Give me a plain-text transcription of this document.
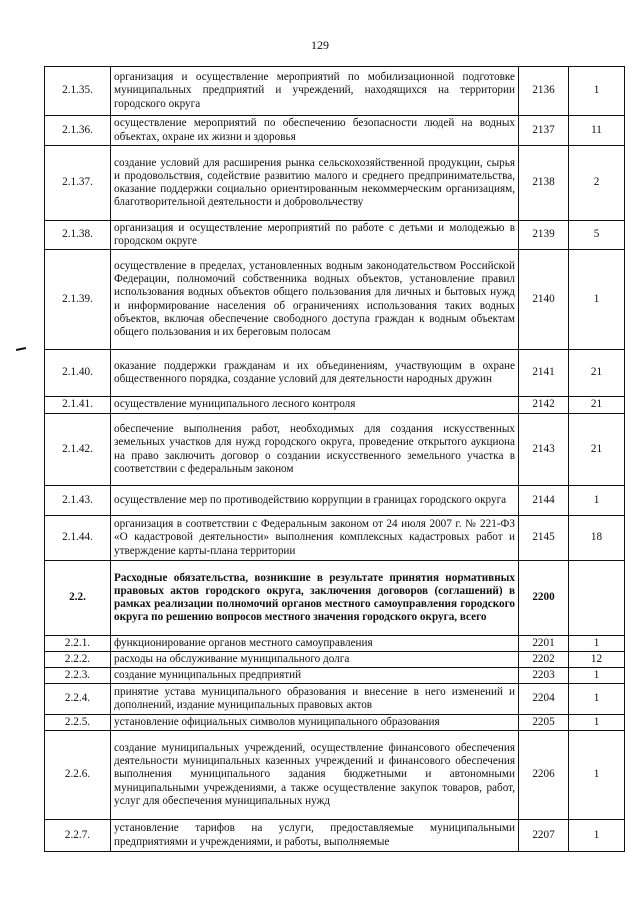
129
2.1.35.	организация и осуществление мероприятий по мобилизационной подготовке муниципальных предприятий и учреждений, находящихся на территории городского округа	2136	1
2.1.36.	осуществление мероприятий по обеспечению безопасности людей на водных объектах, охране их жизни и здоровья	2137	11
2.1.37.	создание условий для расширения рынка сельскохозяйственной продукции, сырья и продовольствия, содействие развитию малого и среднего предпринимательства, оказание поддержки социально ориентированным некоммерческим организациям, благотворительной деятельности и добровольчеству	2138	2
2.1.38.	организация и осуществление мероприятий по работе с детьми и молодежью в городском округе	2139	5
2.1.39.	осуществление в пределах, установленных водным законодательством Российской Федерации, полномочий собственника водных объектов, установление правил использования водных объектов общего пользования для личных и бытовых нужд и информирование населения об ограничениях использования таких водных объектов, включая обеспечение свободного доступа граждан к водным объектам общего пользования и их береговым полосам	2140	1
2.1.40.	оказание поддержки гражданам и их объединениям, участвующим в охране общественного порядка, создание условий для деятельности народных дружин	2141	21
2.1.41.	осуществление муниципального лесного контроля	2142	21
2.1.42.	обеспечение выполнения работ, необходимых для создания искусственных земельных участков для нужд городского округа, проведение открытого аукциона на право заключить договор о создании искусственного земельного участка в соответствии с федеральным законом	2143	21
2.1.43.	осуществление мер по противодействию коррупции в границах городского округа	2144	1
2.1.44.	организация в соответствии с Федеральным законом от 24 июля 2007 г. № 221-ФЗ «О кадастровой деятельности» выполнения комплексных кадастровых работ и утверждение карты-плана территории	2145	18
2.2.	Расходные обязательства, возникшие в результате принятия нормативных правовых актов городского округа, заключения договоров (соглашений) в рамках реализации полномочий органов местного самоуправления городского округа по решению вопросов местного значения городского округа, всего	2200	
2.2.1.	функционирование органов местного самоуправления	2201	1
2.2.2.	расходы на обслуживание муниципального долга	2202	12
2.2.3.	создание муниципальных предприятий	2203	1
2.2.4.	принятие устава муниципального образования и внесение в него изменений и дополнений, издание муниципальных правовых актов	2204	1
2.2.5.	установление официальных символов муниципального образования	2205	1
2.2.6.	создание муниципальных учреждений, осуществление финансового обеспечения деятельности муниципальных казенных учреждений и финансового обеспечения выполнения муниципального задания бюджетными и автономными муниципальными учреждениями, а также осуществление закупок товаров, работ, услуг для обеспечения муниципальных нужд	2206	1
2.2.7.	установление тарифов на услуги, предоставляемые муниципальными предприятиями и учреждениями, и работы, выполняемые	2207	1
